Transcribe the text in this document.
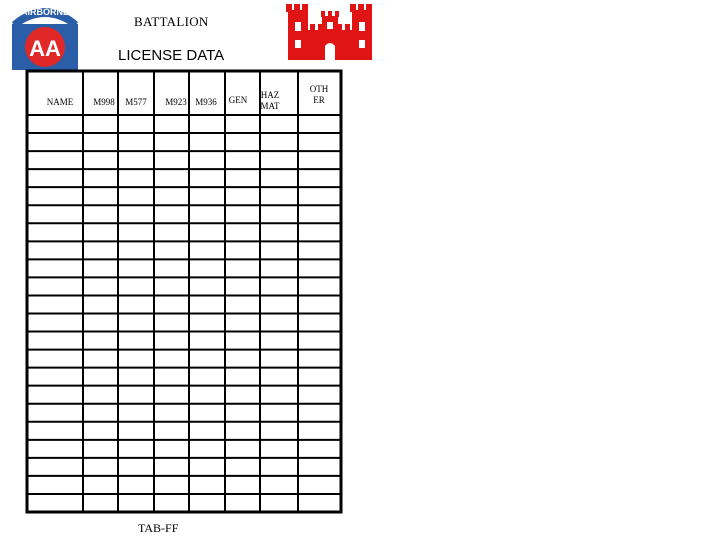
AIRBORNE
AA
BATTALION
LICENSE DATA
NAME M998 M577 M923 M936 GEN HAZ MAT
OTH ER
TAB-FF
